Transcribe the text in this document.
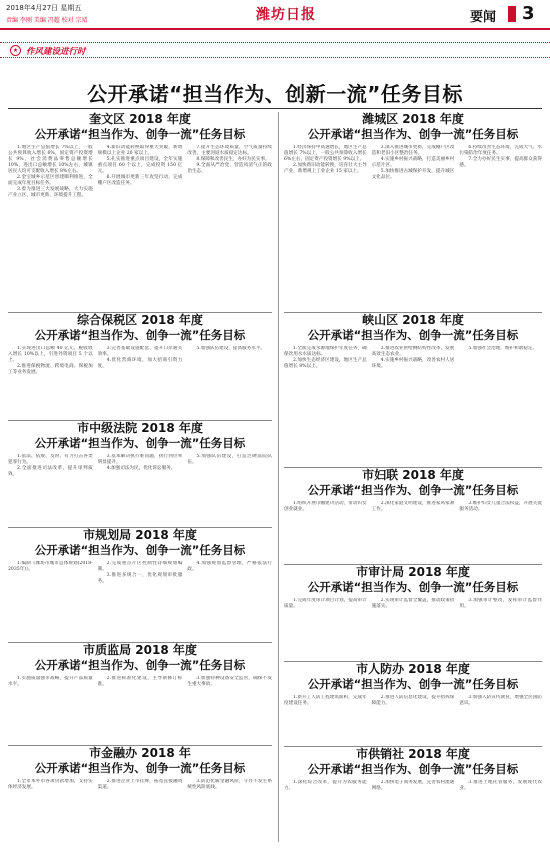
2018年4月27日 星期五
责编 李刚 美编 冯超 校对 宗靖	潍坊日报	要闻 3
★ 作风建设进行时
公开承诺“担当作为、创新一流”任务目标
奎文区 2018 年度
公开承诺“担当作为、创争一流”任务目标

1.地区生产总值增长 7%以上，一般公共预算收入增长 6%，固定资产投资增长 9%，社会消费品零售总额增长 10%，进出口总额增长 10%左右，城镇居民人均可支配收入增长 8%左右。

2.金宝城乡示范区创建顺利推进，全面完成年度目标任务。

3.着力推进三大发展战略，大力实施产业立区、城市更新、环境提升工程。

4.新旧动能转换取得重大突破，新增规模以上企业 20 家以上。

5.扎实推进重点项目建设，全年实施重点项目 60 个以上，完成投资 150 亿元。

6.开展城市更新三年攻坚行动，完成棚户区改造任务。

7.提升生态环境质量，空气质量持续改善，主要河道水质稳定达标。

8.保障和改善民生，办好为民实事。

9.全面从严治党，营造风清气正的政治生态。

综合保税区 2018 年度
公开承诺“担当作为、创争一流”任务目标

1.实现进出口总额 40 亿元，税收收入增长 10%以上，引进外资项目 5 个以上。

2.推进保税物流、跨境电商、保税加工等业务发展。

3.完善基础设施配套，提升口岸通关效率。

4.优化营商环境，加大招商引资力度。

5.加强队伍建设，提高服务水平。

市中级法院 2018 年度
公开承诺“担当作为、创争一流”任务目标

1.依法、依规、及时、有力打击各类犯罪行为。

2.全面推进司法改革，提升审判质效。

3.基本解决执行难问题，执行到位率明显提升。

4.加强司法为民，优化诉讼服务。

5.加强队伍建设，打造过硬法院队伍。

市规划局 2018 年度
公开承诺“担当作为、创争一流”任务目标

1.编制《潍坊市城市总体规划(2018-2035年)》。

2.完成重点片区控制性详细规划编制。

3.推进多规合一，优化规划审批服务。

4.加强规划监督管理，严格依法行政。

市质监局 2018 年度
公开承诺“担当作为、创争一流”任务目标

1.实施质量强市战略，提升产品质量水平。

2.推进标准化建设，主导制修订标准。

3.加强特种设备安全监管，确保不发生重大事故。

市金融办 2018 年
公开承诺“担当作为、创争一流”任务目标

1.全市本外币各项贷款增加，支持实体经济发展。

2.推进企业上市挂牌，拓宽直接融资渠道。

3.防范化解金融风险，守住不发生系统性风险底线。

潍城区 2018 年度
公开承诺“担当作为、创争一流”任务目标

1.经济保持中高速增长，地区生产总值增长 7%以上，一般公共预算收入增长 6%左右，固定资产投资增长 9%以上。

2.加快新旧动能转换，培育壮大主导产业，新增规上工业企业 15 家以上。

3.深入推进城市更新，完成棚户区改造和老旧小区整治任务。

4.实施乡村振兴战略，打造美丽乡村示范片区。

5.加快推进古城保护开发，提升城区文化品位。

6.持续改善生态环境，完成大气、水污染防治年度任务。

7.全力办好民生实事，提高群众获得感。

峡山区 2018 年度
公开承诺“担当作为、创争一流”任务目标

1.全面完成水源地保护年度任务，确保饮用水水质达标。

2.加快生态经济区建设，地区生产总值增长 8%以上。

3.推进农业供给侧结构性改革，发展高效生态农业。

4.实施乡村振兴战略，改善农村人居环境。

5.加强社会治理，维护和谐稳定。

市妇联 2018 年度
公开承诺“担当作为、创争一流”任务目标

1.组织开展巾帼建功活动，带动妇女创业就业。

2.深化家庭文明建设，推进家风家教工作。

3.维护妇女儿童合法权益，开展关爱服务活动。

市审计局 2018 年度
公开承诺“担当作为、创争一流”任务目标

1.完成年度审计项目计划，提高审计质量。

2.实现审计监督全覆盖，推动政策措施落实。

3.加强审计整改，发挥审计监督作用。

市人防办 2018 年度
公开承诺“担当作为、创争一流”任务目标

1.新开工人防工程建筑面积，完成年度建设任务。

2.推进人防信息化建设，提升指挥保障能力。

3.加强人防宣传教育，增强全民国防意识。

市供销社 2018 年度
公开承诺“担当作为、创争一流”任务目标

1.深化综合改革，提升为农服务能力。

2.加快电子商务发展，完善农村流通网络。

3.推进土地托管服务，发展现代农业。
